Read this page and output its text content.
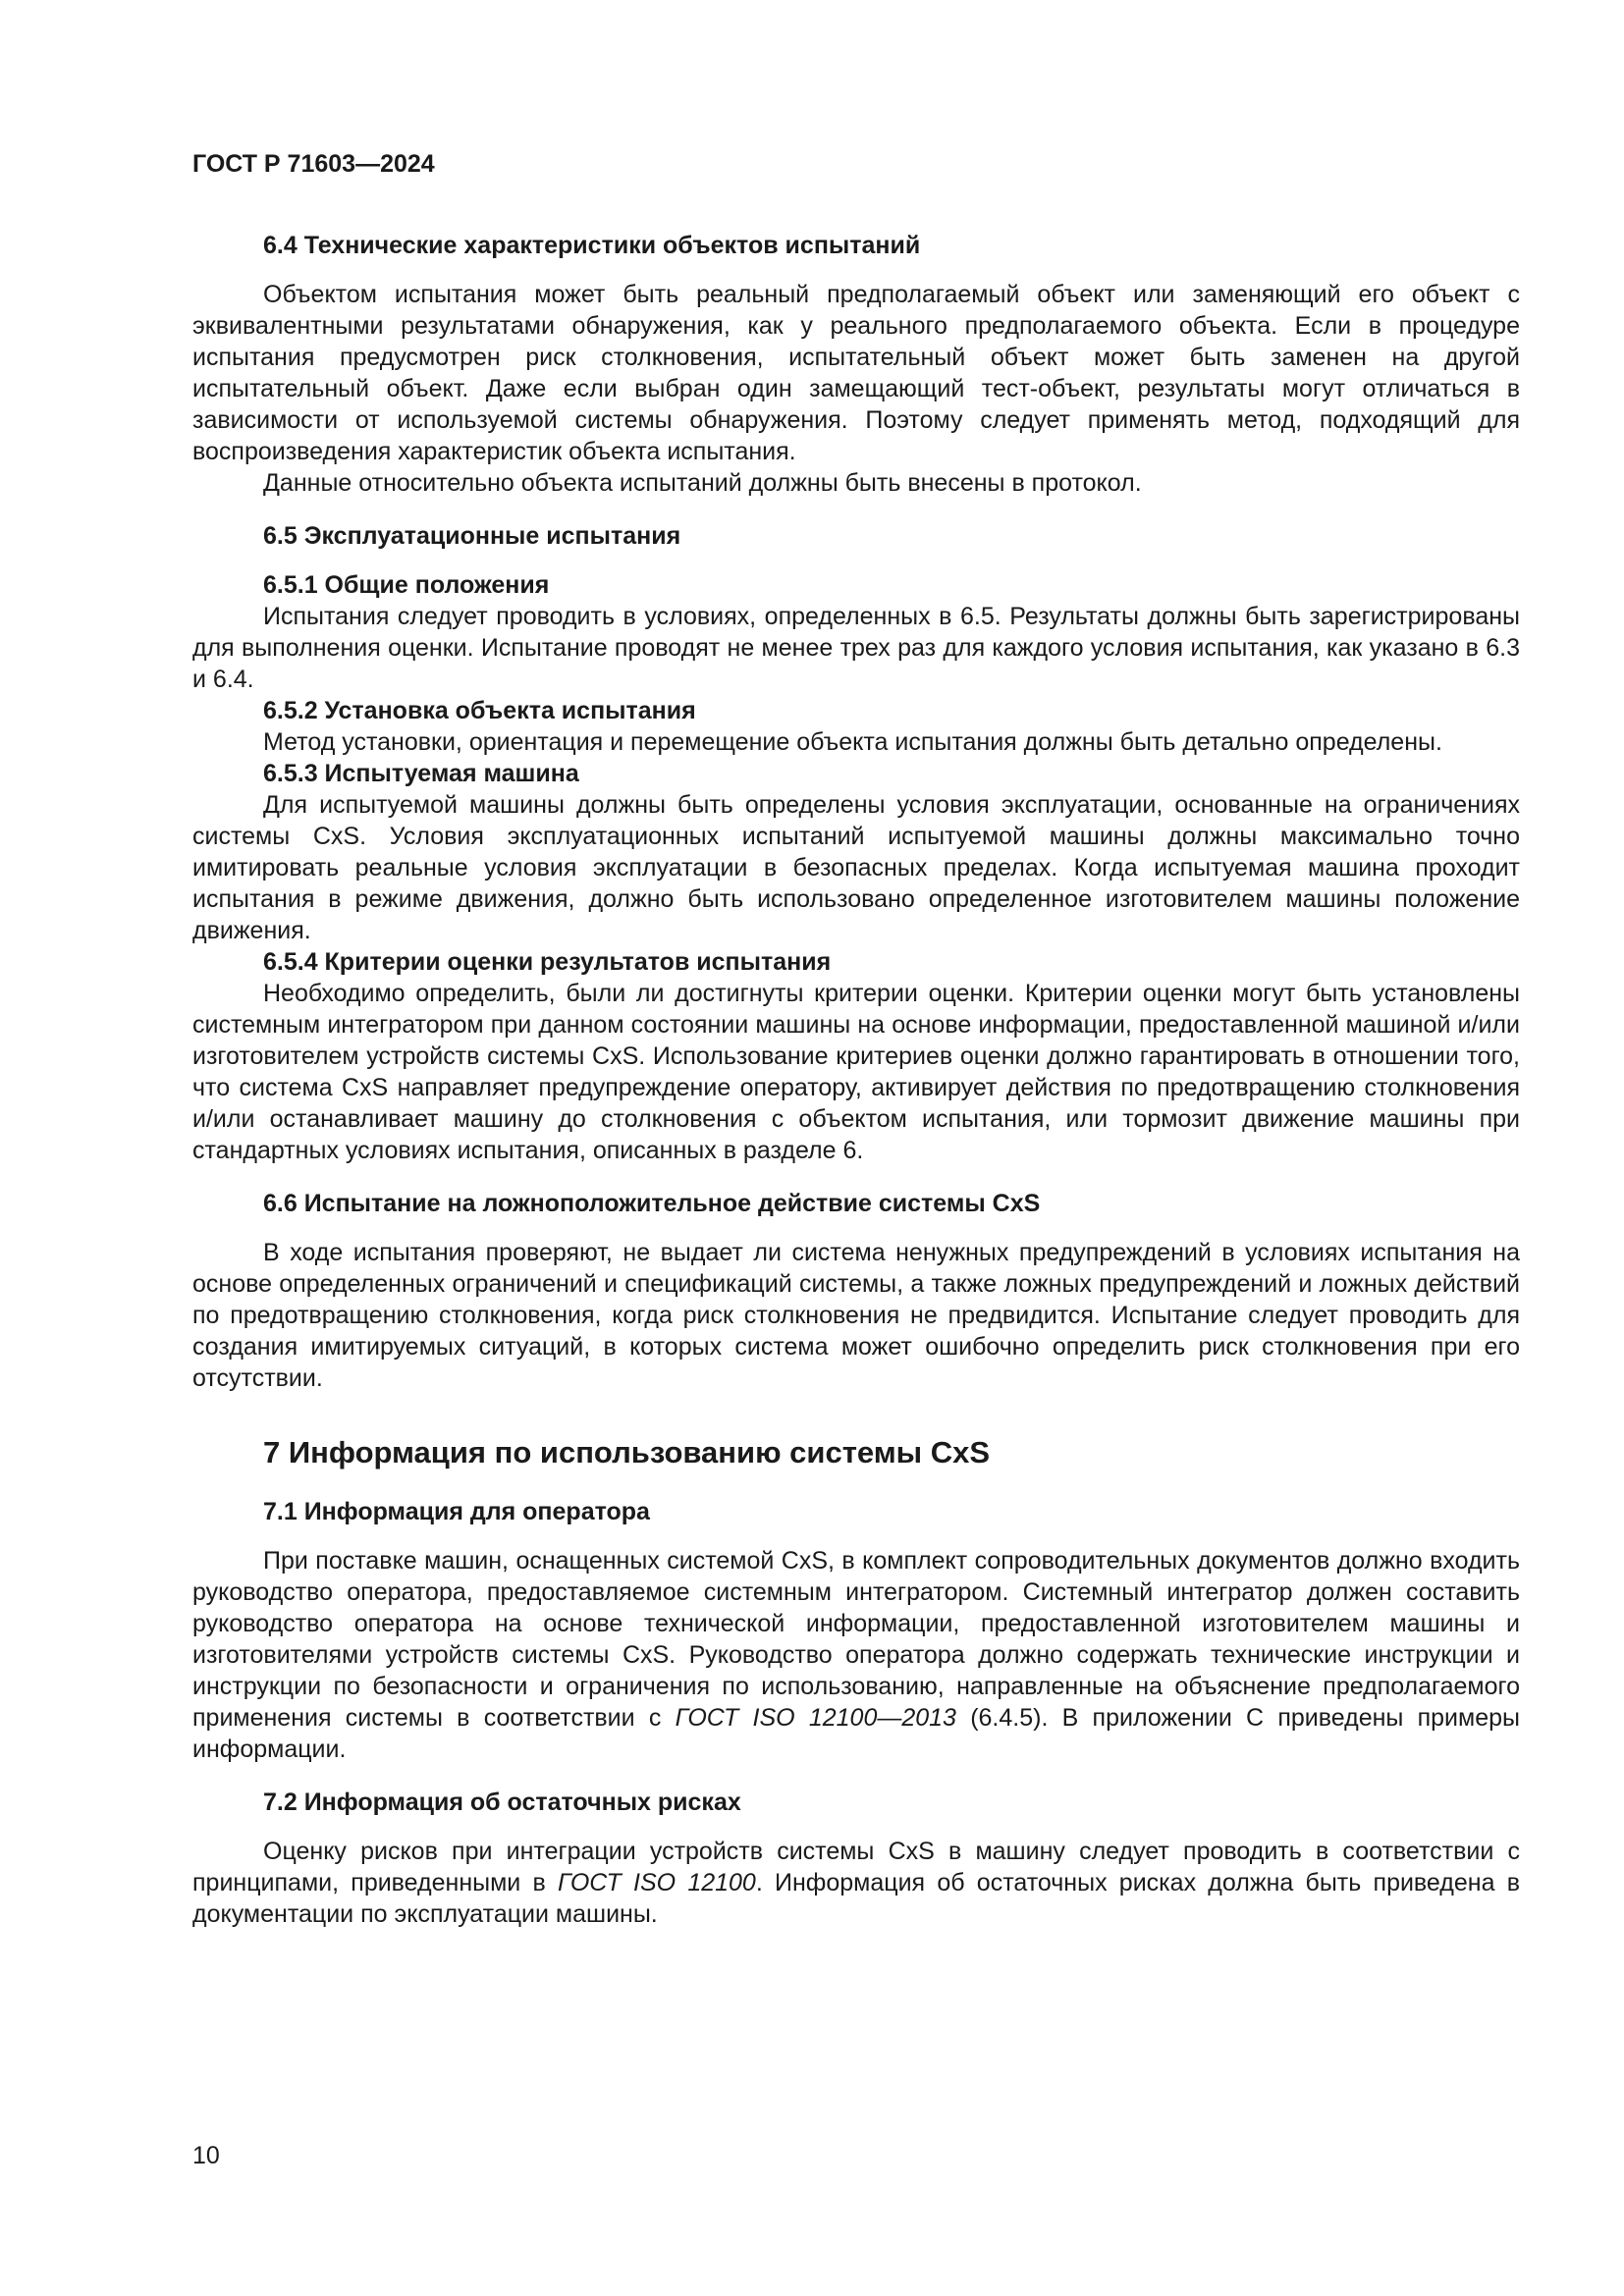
ГОСТ Р 71603—2024
6.4 Технические характеристики объектов испытаний

Объектом испытания может быть реальный предполагаемый объект или заменяющий его объект с эквивалентными результатами обнаружения, как у реального предполагаемого объекта. Если в процедуре испытания предусмотрен риск столкновения, испытательный объект может быть заменен на другой испытательный объект. Даже если выбран один замещающий тест-объект, результаты могут отличаться в зависимости от используемой системы обнаружения. Поэтому следует применять метод, подходящий для воспроизведения характеристик объекта испытания.

Данные относительно объекта испытаний должны быть внесены в протокол.

6.5 Эксплуатационные испытания
6.5.1 Общие положения

Испытания следует проводить в условиях, определенных в 6.5. Результаты должны быть зарегистрированы для выполнения оценки. Испытание проводят не менее трех раз для каждого условия испытания, как указано в 6.3 и 6.4.

6.5.2 Установка объекта испытания

Метод установки, ориентация и перемещение объекта испытания должны быть детально определены.

6.5.3 Испытуемая машина

Для испытуемой машины должны быть определены условия эксплуатации, основанные на ограничениях системы CxS. Условия эксплуатационных испытаний испытуемой машины должны максимально точно имитировать реальные условия эксплуатации в безопасных пределах. Когда испытуемая машина проходит испытания в режиме движения, должно быть использовано определенное изготовителем машины положение движения.

6.5.4 Критерии оценки результатов испытания

Необходимо определить, были ли достигнуты критерии оценки. Критерии оценки могут быть установлены системным интегратором при данном состоянии машины на основе информации, предоставленной машиной и/или изготовителем устройств системы CxS. Использование критериев оценки должно гарантировать в отношении того, что система CxS направляет предупреждение оператору, активирует действия по предотвращению столкновения и/или останавливает машину до столкновения с объектом испытания, или тормозит движение машины при стандартных условиях испытания, описанных в разделе 6.

6.6 Испытание на ложноположительное действие системы CxS

В ходе испытания проверяют, не выдает ли система ненужных предупреждений в условиях испытания на основе определенных ограничений и спецификаций системы, а также ложных предупреждений и ложных действий по предотвращению столкновения, когда риск столкновения не предвидится. Испытание следует проводить для создания имитируемых ситуаций, в которых система может ошибочно определить риск столкновения при его отсутствии.

7 Информация по использованию системы CxS
7.1 Информация для оператора

При поставке машин, оснащенных системой CxS, в комплект сопроводительных документов должно входить руководство оператора, предоставляемое системным интегратором. Системный интегратор должен составить руководство оператора на основе технической информации, предоставленной изготовителем машины и изготовителями устройств системы CxS. Руководство оператора должно содержать технические инструкции и инструкции по безопасности и ограничения по использованию, направленные на объяснение предполагаемого применения системы в соответствии с ГОСТ ISO 12100—2013 (6.4.5). В приложении С приведены примеры информации.

7.2 Информация об остаточных рисках

Оценку рисков при интеграции устройств системы CxS в машину следует проводить в соответствии с принципами, приведенными в ГОСТ ISO 12100. Информация об остаточных рисках должна быть приведена в документации по эксплуатации машины.

10
